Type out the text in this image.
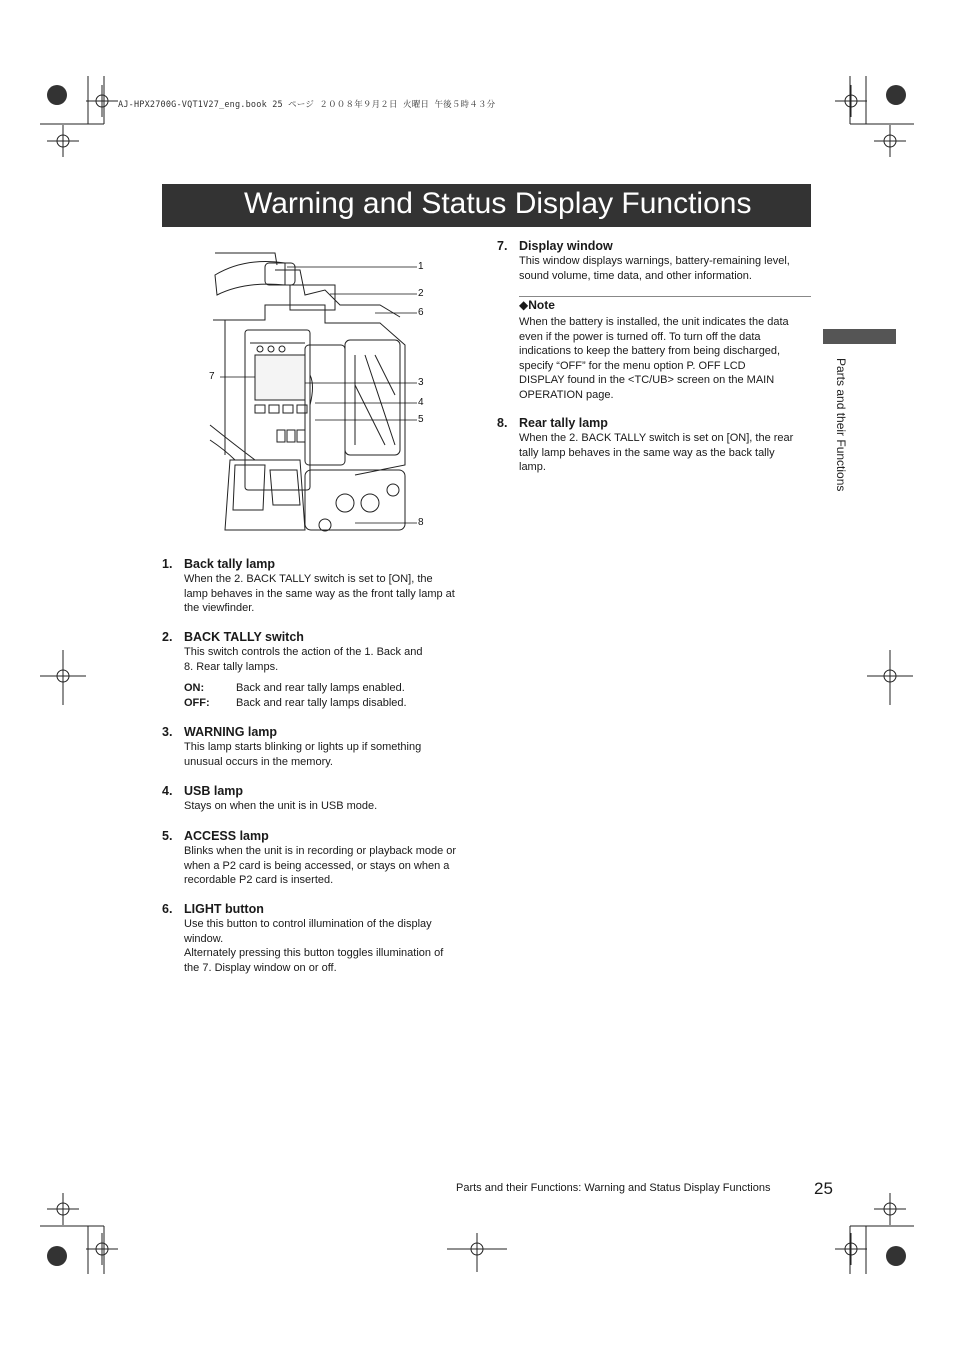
AJ-HPX2700G-VQT1V27_eng.book 25 ページ ２００８年９月２日 火曜日 午後５時４３分
Warning and Status Display Functions
Parts and their Functions
1
2
6
7
3
4
5
8
1. Back tally lamp
When the 2. BACK TALLY switch is set to [ON], the
lamp behaves in the same way as the front tally lamp at
the viewfinder.
2. BACK TALLY switch
This switch controls the action of the 1. Back and
8. Rear tally lamps.
ON:	Back and rear tally lamps enabled.
OFF:	Back and rear tally lamps disabled.
3. WARNING lamp
This lamp starts blinking or lights up if something
unusual occurs in the memory.
4. USB lamp
Stays on when the unit is in USB mode.
5. ACCESS lamp
Blinks when the unit is in recording or playback mode or
when a P2 card is being accessed, or stays on when a
recordable P2 card is inserted.
6. LIGHT button
Use this button to control illumination of the display
window.
Alternately pressing this button toggles illumination of
the 7. Display window on or off.
7. Display window
This window displays warnings, battery-remaining level,
sound volume, time data, and other information.
◆Note
When the battery is installed, the unit indicates the data
even if the power is turned off. To turn off the data
indications to keep the battery from being discharged,
specify “OFF” for the menu option P. OFF LCD
DISPLAY found in the <TC/UB> screen on the MAIN
OPERATION page.
8. Rear tally lamp
When the 2. BACK TALLY switch is set on [ON], the rear
tally lamp behaves in the same way as the back tally
lamp.
Parts and their Functions: Warning and Status Display Functions	25
